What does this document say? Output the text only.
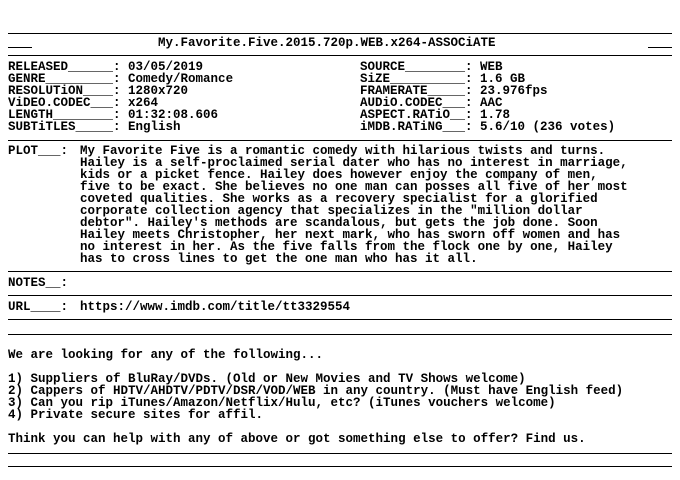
My.Favorite.Five.2015.720p.WEB.x264-ASSOCiATE
RELEASED______: 03/05/2019
GENRE_________: Comedy/Romance
RESOLUTiON____: 1280x720
ViDEO.CODEC___: x264
LENGTH________: 01:32:08.606
SUBTiTLES_____: English
SOURCE________: WEB
SiZE__________: 1.6 GB
FRAMERATE_____: 23.976fps
AUDiO.CODEC___: AAC
ASPECT.RATiO__: 1.78
iMDB.RATiNG___: 5.6/10 (236 votes)
PLOT___: My Favorite Five is a romantic comedy with hilarious twists and turns.
Hailey is a self-proclaimed serial dater who has no interest in marriage,
kids or a picket fence. Hailey does however enjoy the company of men,
five to be exact. She believes no one man can posses all five of her most
coveted qualities. She works as a recovery specialist for a glorified
corporate collection agency that specializes in the "million dollar
debtor". Hailey's methods are scandalous, but gets the job done. Soon
Hailey meets Christopher, her next mark, who has sworn off women and has
no interest in her. As the five falls from the flock one by one, Hailey
has to cross lines to get the one man who has it all.
NOTES__:
URL____: https://www.imdb.com/title/tt3329554
We are looking for any of the following...
1) Suppliers of BluRay/DVDs. (Old or New Movies and TV Shows welcome)
2) Cappers of HDTV/AHDTV/PDTV/DSR/VOD/WEB in any country. (Must have English feed)
3) Can you rip iTunes/Amazon/Netflix/Hulu, etc? (iTunes vouchers welcome)
4) Private secure sites for affil.
Think you can help with any of above or got something else to offer? Find us.
